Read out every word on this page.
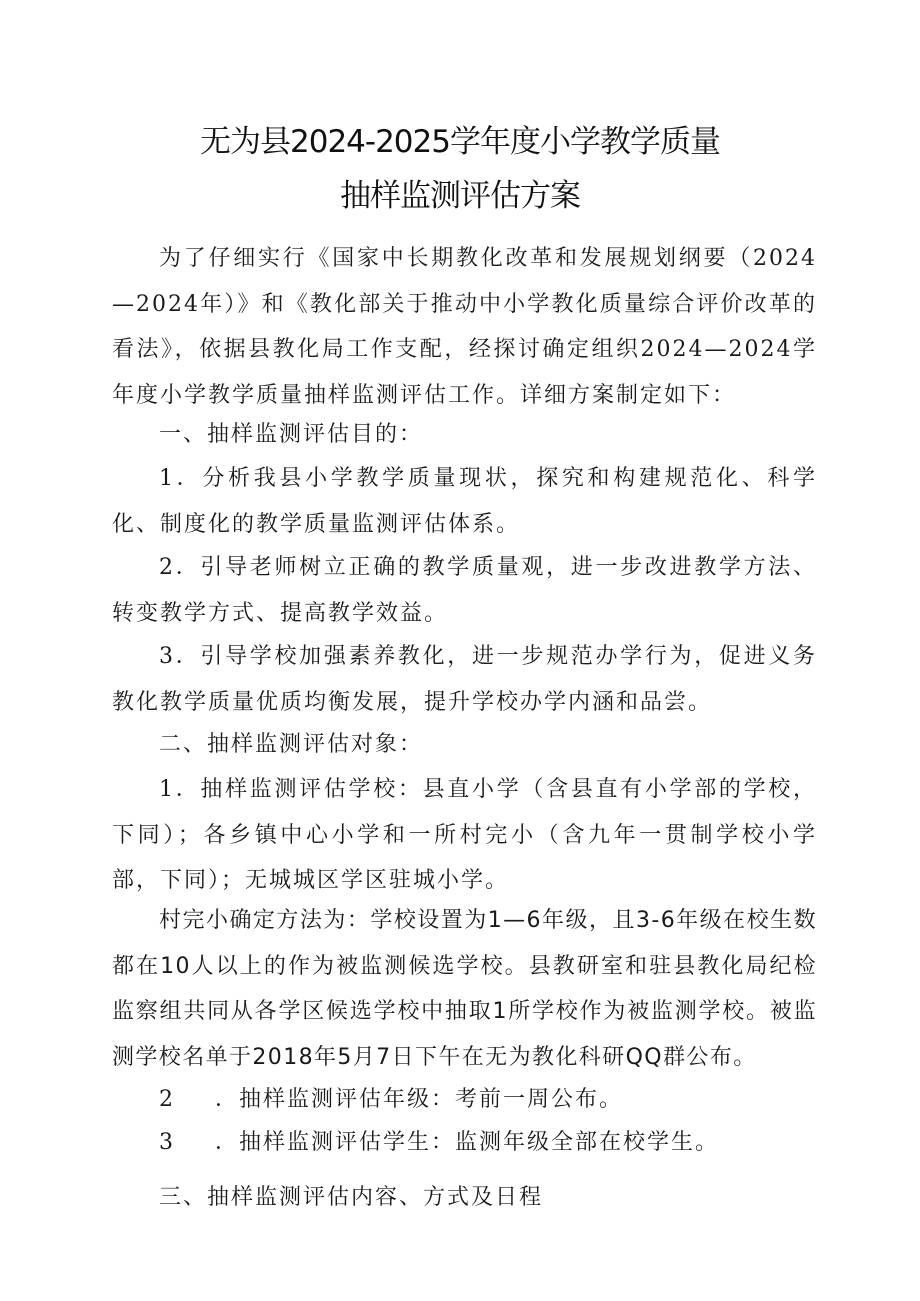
无为县2024-2025学年度小学教学质量
抽样监测评估方案

为了仔细实行《国家中长期教化改革和发展规划纲要（2024—2024年）》和《教化部关于推动中小学教化质量综合评价改革的看法》，依据县教化局工作支配，经探讨确定组织2024—2024学年度小学教学质量抽样监测评估工作。详细方案制定如下：

一、抽样监测评估目的：

1．分析我县小学教学质量现状，探究和构建规范化、科学化、制度化的教学质量监测评估体系。

2．引导老师树立正确的教学质量观，进一步改进教学方法、转变教学方式、提高教学效益。

3．引导学校加强素养教化，进一步规范办学行为，促进义务教化教学质量优质均衡发展，提升学校办学内涵和品尝。

二、抽样监测评估对象：

1．抽样监测评估学校：县直小学（含县直有小学部的学校，下同）；各乡镇中心小学和一所村完小（含九年一贯制学校小学部，下同）；无城城区学区驻城小学。

村完小确定方法为：学校设置为1—6年级，且3-6年级在校生数都在10人以上的作为被监测候选学校。县教研室和驻县教化局纪检监察组共同从各学区候选学校中抽取1所学校作为被监测学校。被监测学校名单于2018年5月7日下午在无为教化科研QQ群公布。

2 ．抽样监测评估年级：考前一周公布。

3 ．抽样监测评估学生：监测年级全部在校学生。

三、抽样监测评估内容、方式及日程
